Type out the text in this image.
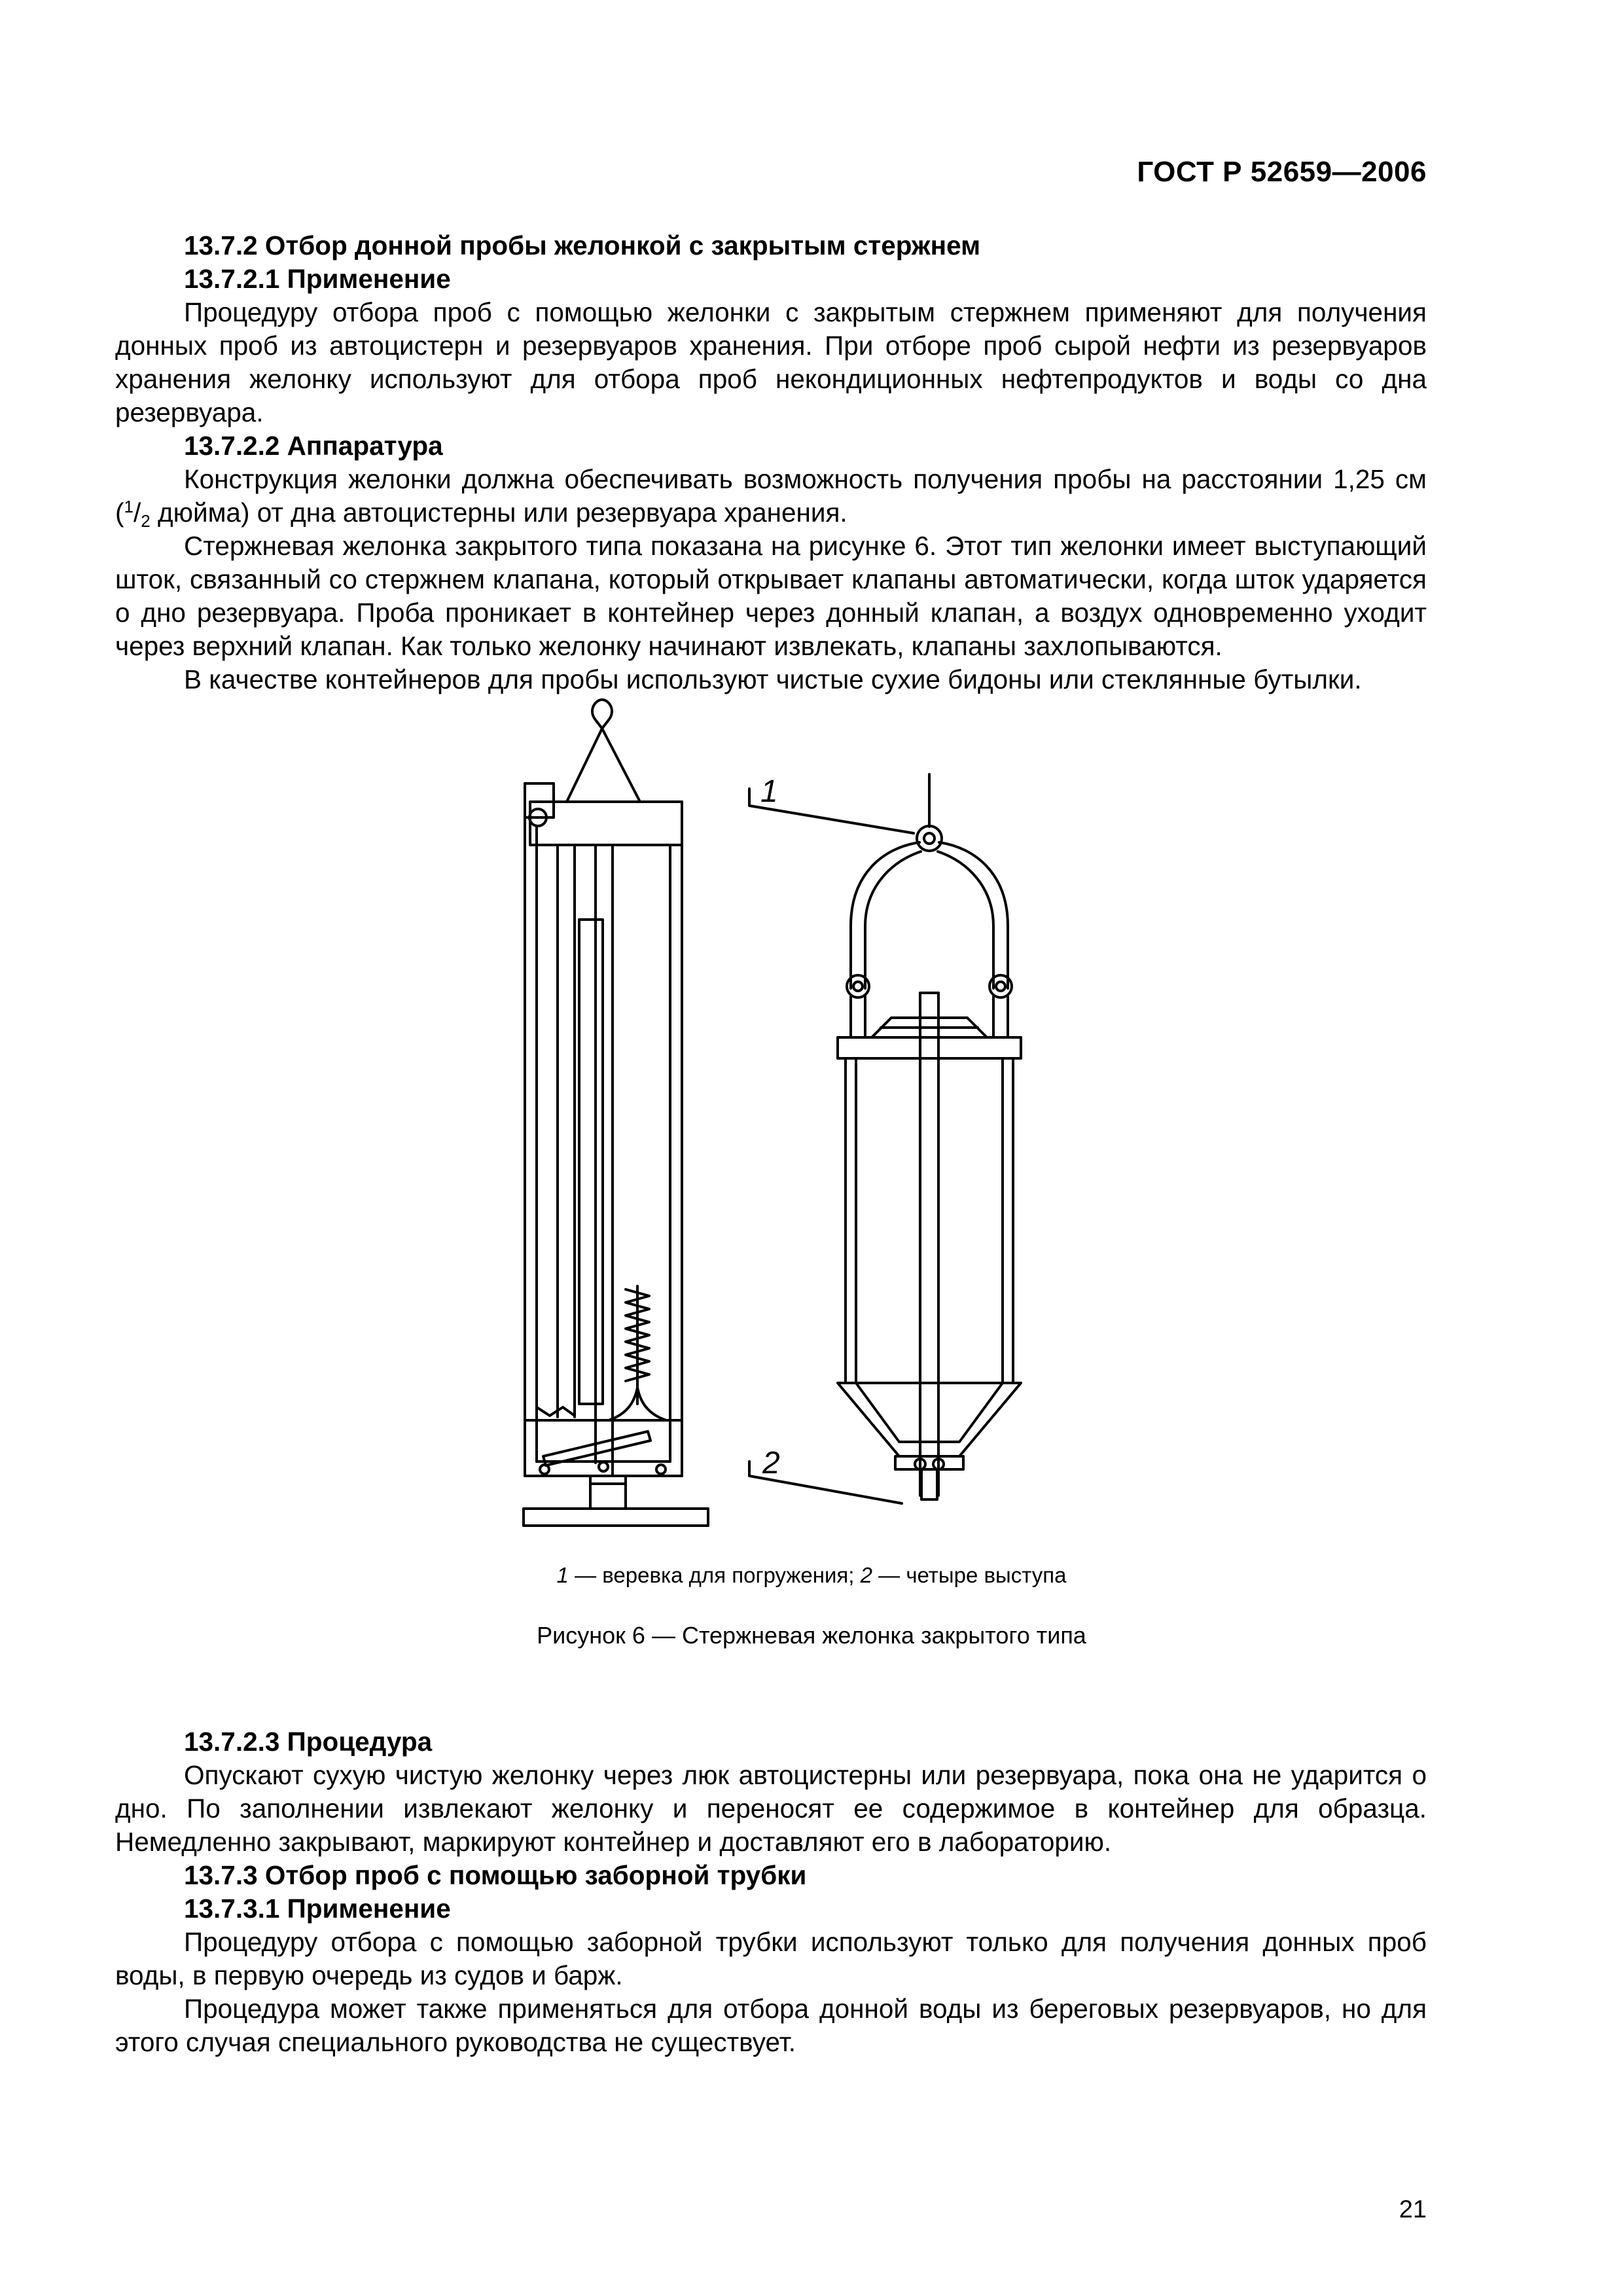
ГОСТ Р 52659—2006
13.7.2 Отбор донной пробы желонкой с закрытым стержнем
13.7.2.1 Применение

Процедуру отбора проб с помощью желонки с закрытым стержнем применяют для получения донных проб из автоцистерн и резервуаров хранения. При отборе проб сырой нефти из резервуаров хранения желонку используют для отбора проб некондиционных нефтепродуктов и воды со дна резервуара.

13.7.2.2 Аппаратура

Конструкция желонки должна обеспечивать возможность получения пробы на расстоянии 1,25 см ($^1/_2$ дюйма) от дна автоцистерны или резервуара хранения.

Стержневая желонка закрытого типа показана на рисунке 6. Этот тип желонки имеет выступающий шток, связанный со стержнем клапана, который открывает клапаны автоматически, когда шток ударяется о дно резервуара. Проба проникает в контейнер через донный клапан, а воздух одновременно уходит через верхний клапан. Как только желонку начинают извлекать, клапаны захлопываются.

В качестве контейнеров для пробы используют чистые сухие бидоны или стеклянные бутылки.

1
2
1 — веревка для погружения; 2 — четыре выступа
Рисунок 6 — Стержневая желонка закрытого типа
13.7.2.3 Процедура

Опускают сухую чистую желонку через люк автоцистерны или резервуара, пока она не ударится о дно. По заполнении извлекают желонку и переносят ее содержимое в контейнер для образца. Немедленно закрывают, маркируют контейнер и доставляют его в лабораторию.

13.7.3 Отбор проб с помощью заборной трубки
13.7.3.1 Применение

Процедуру отбора с помощью заборной трубки используют только для получения донных проб воды, в первую очередь из судов и барж.

Процедура может также применяться для отбора донной воды из береговых резервуаров, но для этого случая специального руководства не существует.

21
